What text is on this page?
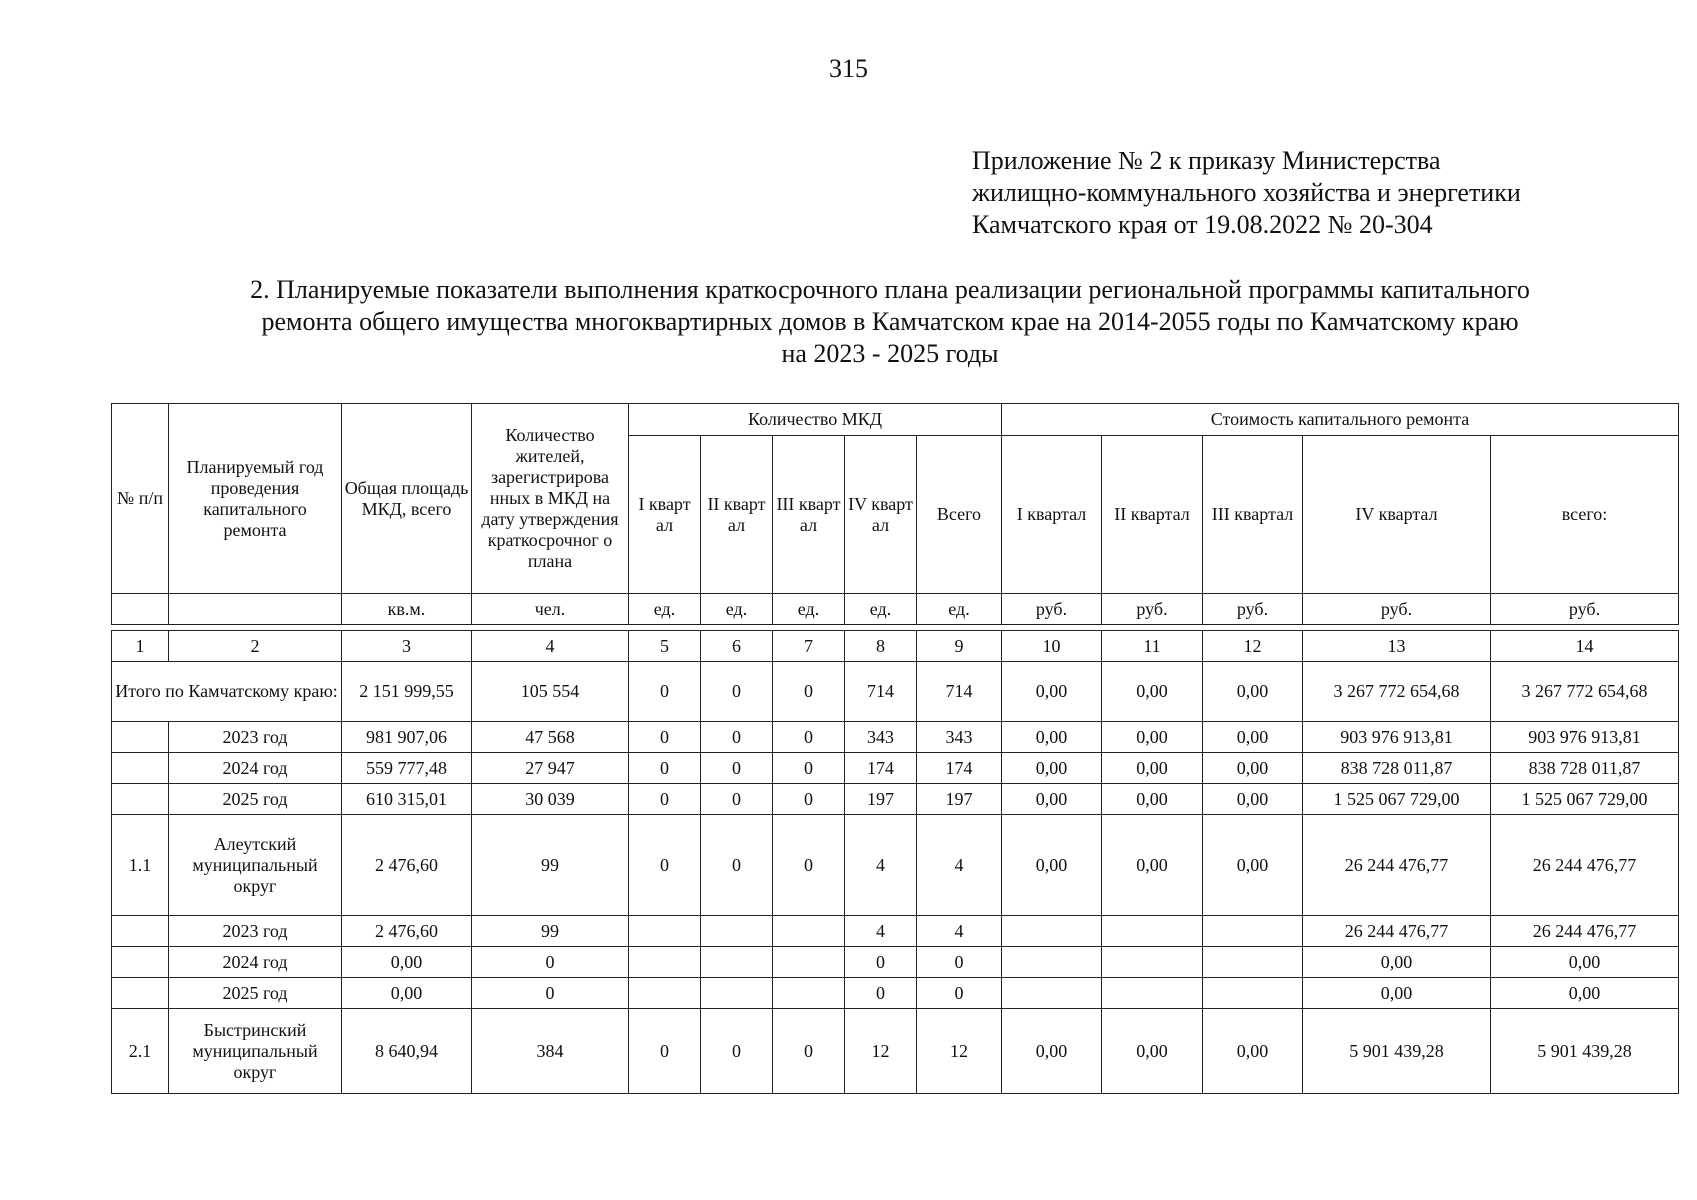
315
Приложение № 2 к приказу Министерства
жилищно-коммунального хозяйства и энергетики
Камчатского края от 19.08.2022 № 20-304
2. Планируемые показатели выполнения краткосрочного плана реализации региональной программы капитального
ремонта общего имущества многоквартирных домов в Камчатском крае на 2014-2055 годы по Камчатскому краю
на 2023 - 2025 годы
№ п/п	Планируемый год проведения капитального ремонта	Общая площадь МКД, всего	Количество жителей, зарегистрирова нных в МКД на дату утверждения краткосрочног о плана	Количество МКД					Стоимость капитального ремонта				
				I кварт ал	II кварт ал	III кварт ал	IV кварт ал	Всего	I квартал	II квартал	III квартал	IV квартал	всего:
		кв.м.	чел.	ед.	ед.	ед.	ед.	ед.	руб.	руб.	руб.	руб.	руб.
1	2	3	4	5	6	7	8	9	10	11	12	13	14
Итого по Камчатскому краю:		2 151 999,55	105 554	0	0	0	714	714	0,00	0,00	0,00	3 267 772 654,68	3 267 772 654,68
	2023 год	981 907,06	47 568	0	0	0	343	343	0,00	0,00	0,00	903 976 913,81	903 976 913,81
	2024 год	559 777,48	27 947	0	0	0	174	174	0,00	0,00	0,00	838 728 011,87	838 728 011,87
	2025 год	610 315,01	30 039	0	0	0	197	197	0,00	0,00	0,00	1 525 067 729,00	1 525 067 729,00
1.1	Алеутский муниципальный округ	2 476,60	99	0	0	0	4	4	0,00	0,00	0,00	26 244 476,77	26 244 476,77
	2023 год	2 476,60	99				4	4				26 244 476,77	26 244 476,77
	2024 год	0,00	0				0	0				0,00	0,00
	2025 год	0,00	0				0	0				0,00	0,00
2.1	Быстринский муниципальный округ	8 640,94	384	0	0	0	12	12	0,00	0,00	0,00	5 901 439,28	5 901 439,28
